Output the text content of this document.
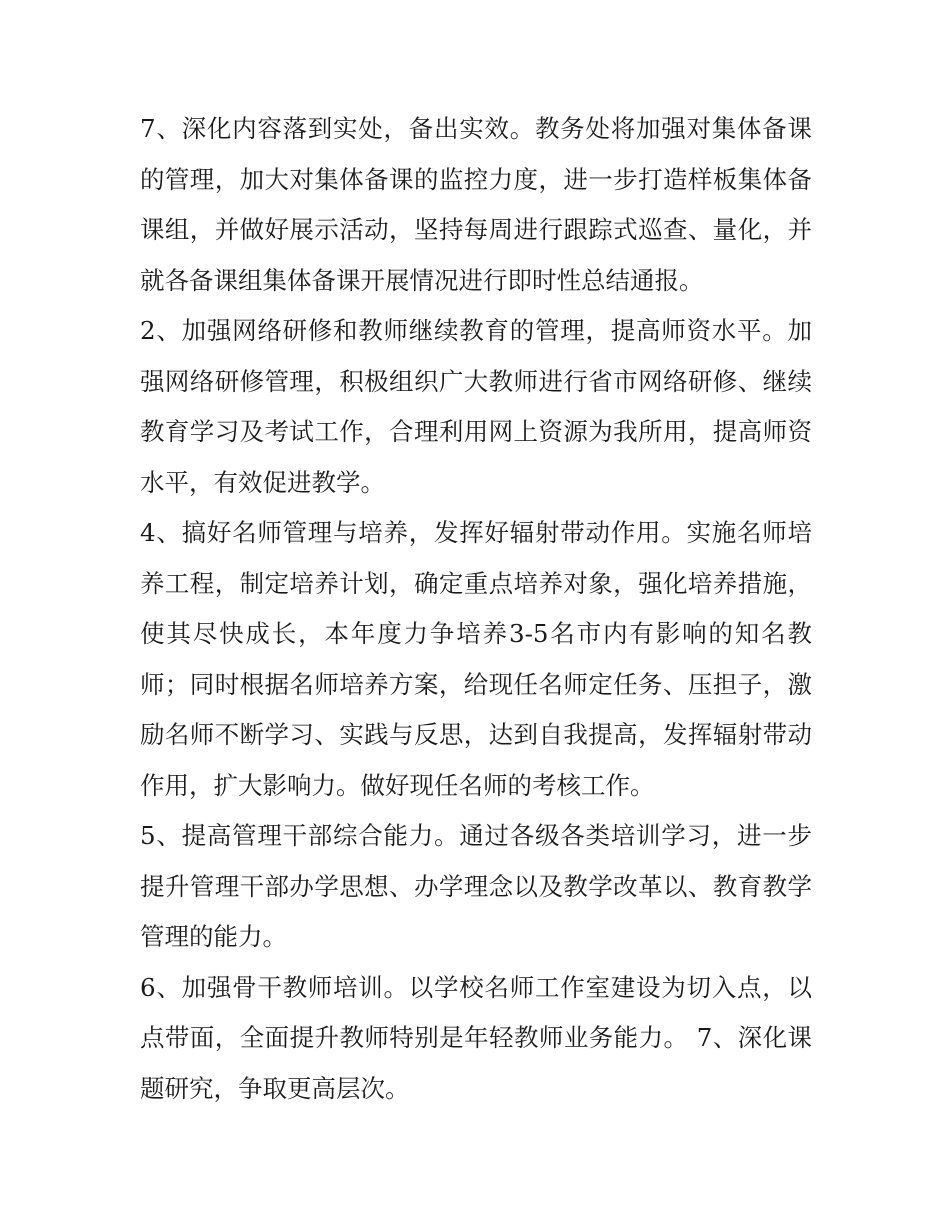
7、深化内容落到实处，备出实效。教务处将加强对集体备课的管理，加大对集体备课的监控力度，进一步打造样板集体备课组，并做好展示活动，坚持每周进行跟踪式巡查、量化，并就各备课组集体备课开展情况进行即时性总结通报。

2、加强网络研修和教师继续教育的管理，提高师资水平。加强网络研修管理，积极组织广大教师进行省市网络研修、继续教育学习及考试工作，合理利用网上资源为我所用，提高师资水平，有效促进教学。

4、搞好名师管理与培养，发挥好辐射带动作用。实施名师培养工程，制定培养计划，确定重点培养对象，强化培养措施，使其尽快成长，本年度力争培养3-5名市内有影响的知名教师；同时根据名师培养方案，给现任名师定任务、压担子，激励名师不断学习、实践与反思，达到自我提高，发挥辐射带动作用，扩大影响力。做好现任名师的考核工作。

5、提高管理干部综合能力。通过各级各类培训学习，进一步提升管理干部办学思想、办学理念以及教学改革以、教育教学管理的能力。

6、加强骨干教师培训。以学校名师工作室建设为切入点，以点带面，全面提升教师特别是年轻教师业务能力。 7、深化课题研究，争取更高层次。
